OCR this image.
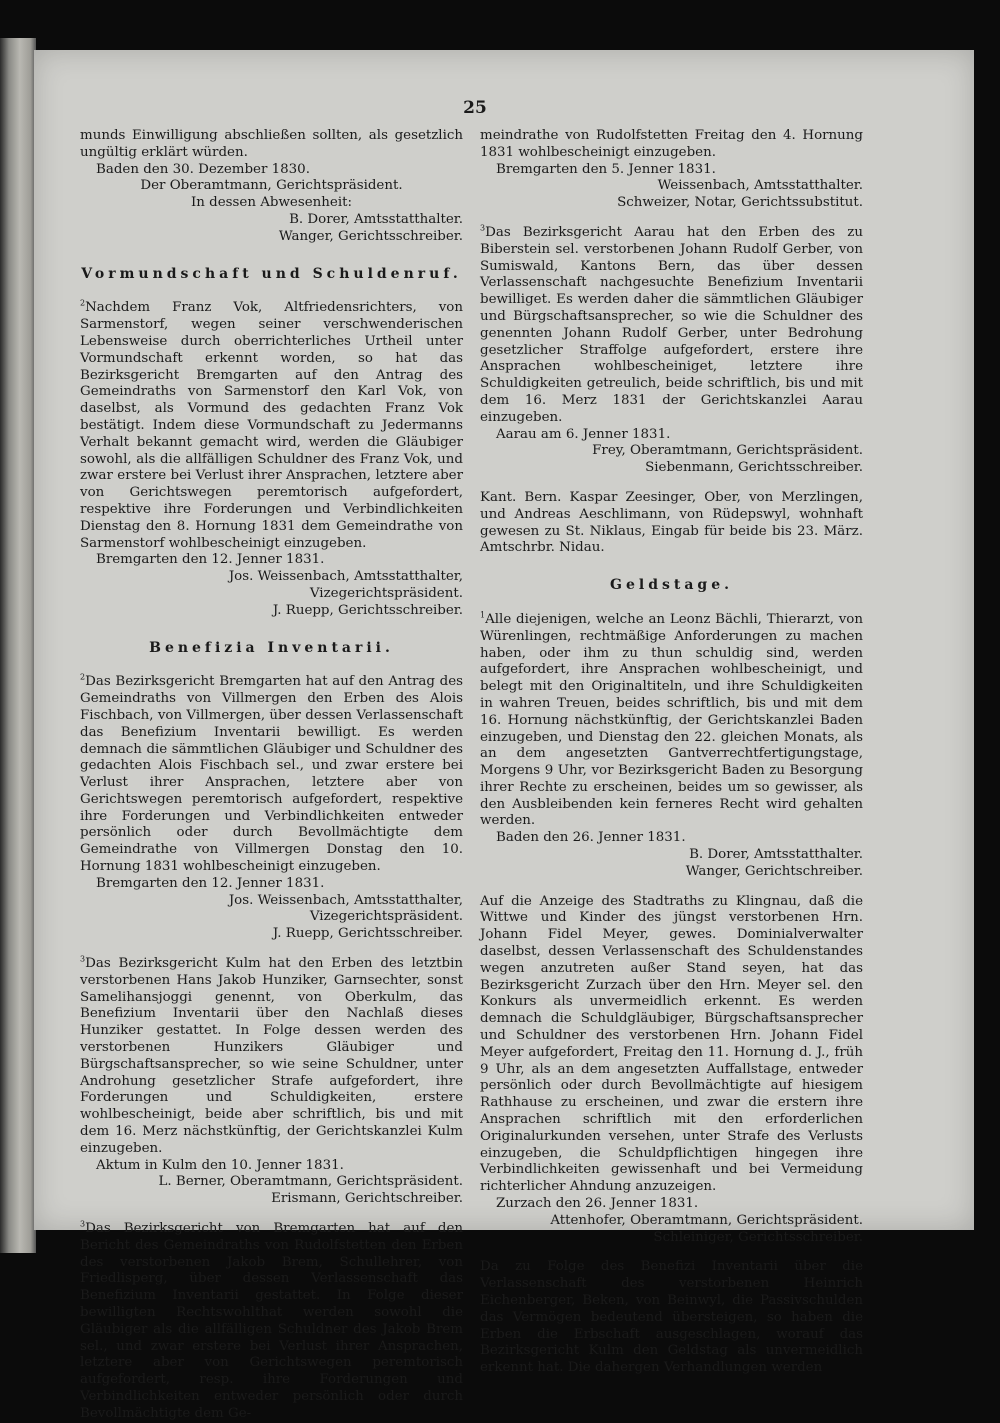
25

munds Einwilligung abschließen sollten, als gesetzlich ungültig erklärt würden.

Baden den 30. Dezember 1830.

Der Oberamtmann, Gerichtspräsident.

In dessen Abwesenheit:

B. Dorer, Amtsstatthalter.

Wanger, Gerichtsschreiber.

Vormundschaft und Schuldenruf.

$^2$Nachdem Franz Vok, Altfriedensrichters, von Sarmenstorf, wegen seiner verschwenderischen Lebensweise durch oberrichterliches Urtheil unter Vormundschaft erkennt worden, so hat das Bezirksgericht Bremgarten auf den Antrag des Gemeindraths von Sarmenstorf den Karl Vok, von daselbst, als Vormund des gedachten Franz Vok bestätigt. Indem diese Vormundschaft zu Jedermanns Verhalt bekannt gemacht wird, werden die Gläubiger sowohl, als die allfälligen Schuldner des Franz Vok, und zwar erstere bei Verlust ihrer Ansprachen, letztere aber von Gerichtswegen peremtorisch aufgefordert, respektive ihre Forderungen und Verbindlichkeiten Dienstag den 8. Hornung 1831 dem Gemeindrathe von Sarmenstorf wohlbescheinigt einzugeben.

Bremgarten den 12. Jenner 1831.

Jos. Weissenbach, Amtsstatthalter, Vizegerichtspräsident.

J. Ruepp, Gerichtsschreiber.

Benefizia Inventarii.

$^2$Das Bezirksgericht Bremgarten hat auf den Antrag des Gemeindraths von Villmergen den Erben des Alois Fischbach, von Villmergen, über dessen Verlassenschaft das Benefizium Inventarii bewilligt. Es werden demnach die sämmtlichen Gläubiger und Schuldner des gedachten Alois Fischbach sel., und zwar erstere bei Verlust ihrer Ansprachen, letztere aber von Gerichtswegen peremtorisch aufgefordert, respektive ihre Forderungen und Verbindlichkeiten entweder persönlich oder durch Bevollmächtigte dem Gemeindrathe von Villmergen Donstag den 10. Hornung 1831 wohlbescheinigt einzugeben.

Bremgarten den 12. Jenner 1831.

Jos. Weissenbach, Amtsstatthalter, Vizegerichtspräsident.

J. Ruepp, Gerichtsschreiber.

$^3$Das Bezirksgericht Kulm hat den Erben des letztbin verstorbenen Hans Jakob Hunziker, Garnsechter, sonst Samelihansjoggi genennt, von Oberkulm, das Benefizium Inventarii über den Nachlaß dieses Hunziker gestattet. In Folge dessen werden des verstorbenen Hunzikers Gläubiger und Bürgschaftsansprecher, so wie seine Schuldner, unter Androhung gesetzlicher Strafe aufgefordert, ihre Forderungen und Schuldigkeiten, erstere wohlbescheinigt, beide aber schriftlich, bis und mit dem 16. Merz nächstkünftig, der Gerichtskanzlei Kulm einzugeben.

Aktum in Kulm den 10. Jenner 1831.

L. Berner, Oberamtmann, Gerichtspräsident.

Erismann, Gerichtschreiber.

$^3$Das Bezirksgericht von Bremgarten hat auf den Bericht des Gemeindraths von Rudolfstetten den Erben des verstorbenen Jakob Brem, Schullehrer, von Friedlisperg, über dessen Verlassenschaft das Benefizium Inventarii gestattet. In Folge dieser bewilligten Rechtswohlthat werden sowohl die Gläubiger als die allfälligen Schuldner des Jakob Brem sel., und zwar erstere bei Verlust ihrer Ansprachen, letztere aber von Gerichtswegen peremtorisch aufgefordert, resp. ihre Forderungen und Verbindlichkeiten entweder persönlich oder durch Bevollmächtigte dem Ge-

meindrathe von Rudolfstetten Freitag den 4. Hornung 1831 wohlbescheinigt einzugeben.

Bremgarten den 5. Jenner 1831.

Weissenbach, Amtsstatthalter.

Schweizer, Notar, Gerichtssubstitut.

$^3$Das Bezirksgericht Aarau hat den Erben des zu Biberstein sel. verstorbenen Johann Rudolf Gerber, von Sumiswald, Kantons Bern, das über dessen Verlassenschaft nachgesuchte Benefizium Inventarii bewilliget. Es werden daher die sämmtlichen Gläubiger und Bürgschaftsansprecher, so wie die Schuldner des genennten Johann Rudolf Gerber, unter Bedrohung gesetzlicher Straffolge aufgefordert, erstere ihre Ansprachen wohlbescheiniget, letztere ihre Schuldigkeiten getreulich, beide schriftlich, bis und mit dem 16. Merz 1831 der Gerichtskanzlei Aarau einzugeben.

Aarau am 6. Jenner 1831.

Frey, Oberamtmann, Gerichtspräsident.

Siebenmann, Gerichtsschreiber.

Kant. Bern. Kaspar Zeesinger, Ober, von Merzlingen, und Andreas Aeschlimann, von Rüdерswyl, wohnhaft gewesen zu St. Niklaus, Eingab für beide bis 23. März. Amtschrbr. Nidau.

Geldstage.

$^1$Alle diejenigen, welche an Leonz Bächli, Thierarzt, von Würenlingen, rechtmäßige Anforderungen zu machen haben, oder ihm zu thun schuldig sind, werden aufgefordert, ihre Ansprachen wohlbescheinigt, und belegt mit den Originaltiteln, und ihre Schuldigkeiten in wahren Treuen, beides schriftlich, bis und mit dem 16. Hornung nächstkünftig, der Gerichtskanzlei Baden einzugeben, und Dienstag den 22. gleichen Monats, als an dem angesetzten Gantverrechtfertigungstage, Morgens 9 Uhr, vor Bezirksgericht Baden zu Besorgung ihrer Rechte zu erscheinen, beides um so gewisser, als den Ausbleibenden kein ferneres Recht wird gehalten werden.

Baden den 26. Jenner 1831.

B. Dorer, Amtsstatthalter.

Wanger, Gerichtschreiber.

Auf die Anzeige des Stadtraths zu Klingnau, daß die Wittwe und Kinder des jüngst verstorbenen Hrn. Johann Fidel Meyer, gewes. Dominialverwalter daselbst, dessen Verlassenschaft des Schuldenstandes wegen anzutreten außer Stand seyen, hat das Bezirksgericht Zurzach über den Hrn. Meyer sel. den Konkurs als unvermeidlich erkennt. Es werden demnach die Schuldgläubiger, Bürgschaftsansprecher und Schuldner des verstorbenen Hrn. Johann Fidel Meyer aufgefordert, Freitag den 11. Hornung d. J., früh 9 Uhr, als an dem angesetzten Auffallstage, entweder persönlich oder durch Bevollmächtigte auf hiesigem Rathhause zu erscheinen, und zwar die erstern ihre Ansprachen schriftlich mit den erforderlichen Originalurkunden versehen, unter Strafe des Verlusts einzugeben, die Schuldpflichtigen hingegen ihre Verbindlichkeiten gewissenhaft und bei Vermeidung richterlicher Ahndung anzuzeigen.

Zurzach den 26. Jenner 1831.

Attenhofer, Oberamtmann, Gerichtspräsident.

Schleiniger, Gerichtsschreiber.

Da zu Folge des Benefizi Inventarii über die Verlassenschaft des verstorbenen Heinrich Eichenberger, Beken, von Beinwyl, die Passivschulden das Vermögen bedeutend übersteigen, so haben die Erben die Erbschaft ausgeschlagen, worauf das Bezirksgericht Kulm den Geldstag als unvermeidlich erkennt hat. Die dahergen Verhandlungen werden
